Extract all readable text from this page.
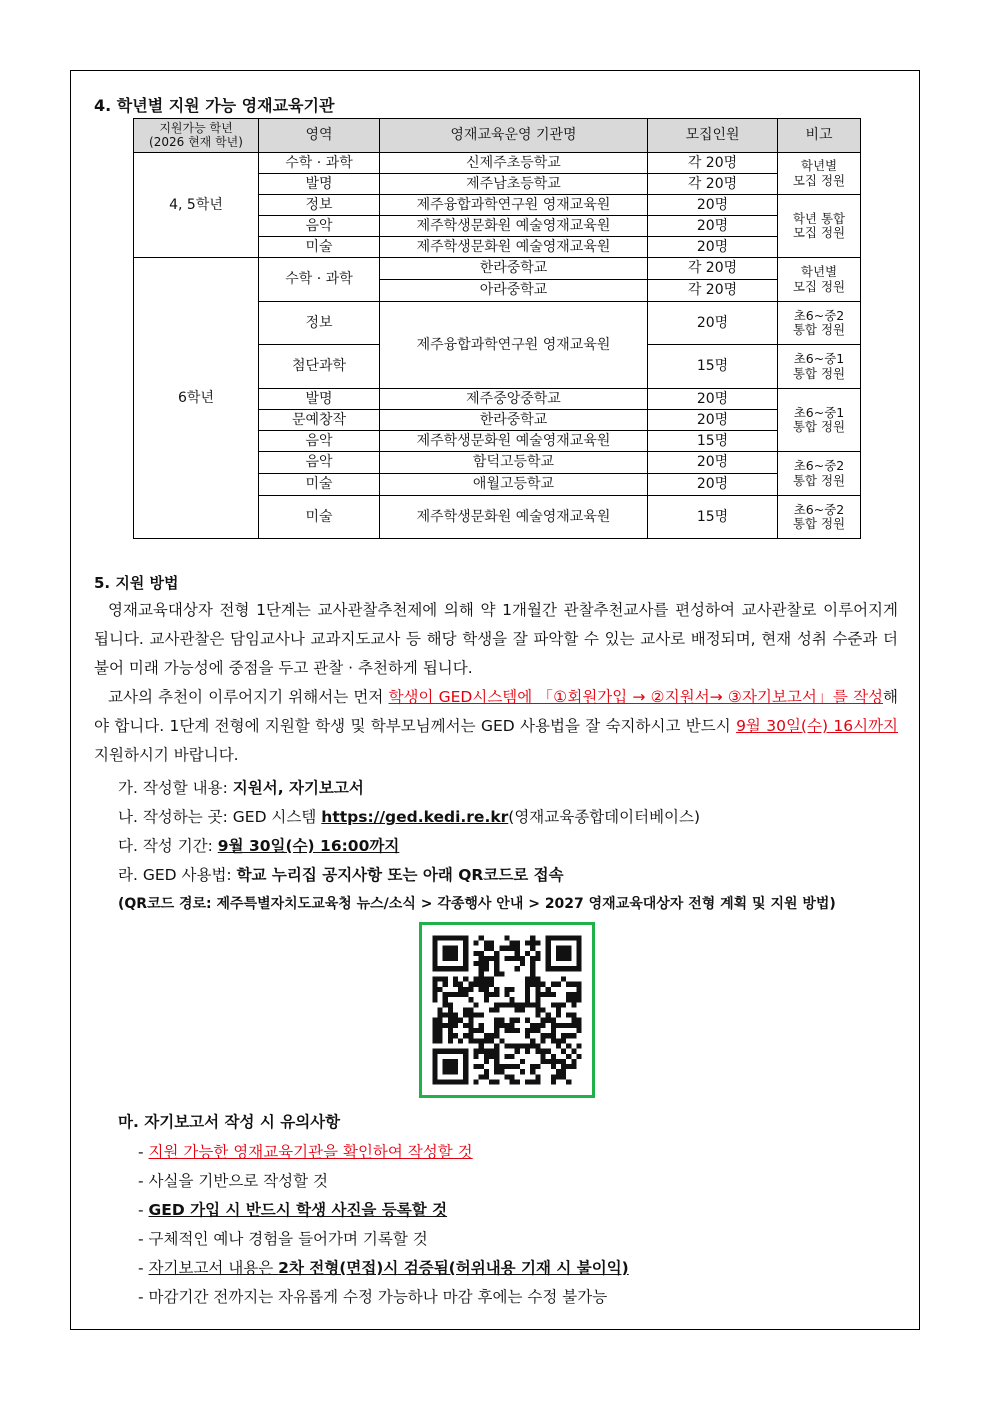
4. 학년별 지원 가능 영재교육기관
지원가능 학년
(2026 현재 학년)	영역	영재교육운영 기관명	모집인원	비고
4, 5학년	수학 · 과학	신제주초등학교	각 20명	학년별
모집 정원
	발명	제주남초등학교	각 20명	
	정보	제주융합과학연구원 영재교육원	20명	학년 통합
모집 정원
	음악	제주학생문화원 예술영재교육원	20명	
	미술	제주학생문화원 예술영재교육원	20명	
6학년	수학 · 과학	한라중학교	각 20명	학년별
모집 정원
		아라중학교	각 20명	
	정보	제주융합과학연구원 영재교육원	20명	초6~중2
통합 정원
	첨단과학		15명	초6~중1
통합 정원
	발명	제주중앙중학교	20명	초6~중1
통합 정원
	문예창작	한라중학교	20명	
	음악	제주학생문화원 예술영재교육원	15명	
	음악	함덕고등학교	20명	초6~중2
통합 정원
	미술	애월고등학교	20명	
	미술	제주학생문화원 예술영재교육원	15명	초6~중2
통합 정원
5. 지원 방법
영재교육대상자 전형 1단계는 교사관찰추천제에 의해 약 1개월간 관찰추천교사를 편성하여 교사관찰로 이루어지게 됩니다. 교사관찰은 담임교사나 교과지도교사 등 해당 학생을 잘 파악할 수 있는 교사로 배정되며, 현재 성취 수준과 더불어 미래 가능성에 중점을 두고 관찰 · 추천하게 됩니다.
교사의 추천이 이루어지기 위해서는 먼저 학생이 GED시스템에 「①회원가입 → ②지원서→ ③자기보고서」를 작성해야 합니다. 1단계 전형에 지원할 학생 및 학부모님께서는 GED 사용법을 잘 숙지하시고 반드시 9월 30일(수) 16시까지 지원하시기 바랍니다.
가. 작성할 내용: 지원서, 자기보고서
나. 작성하는 곳: GED 시스템 https://ged.kedi.re.kr(영재교육종합데이터베이스)
다. 작성 기간: 9월 30일(수) 16:00까지
라. GED 사용법: 학교 누리집 공지사항 또는 아래 QR코드로 접속
(QR코드 경로: 제주특별자치도교육청 뉴스/소식 > 각종행사 안내 > 2027 영재교육대상자 전형 계획 및 지원 방법)
마. 자기보고서 작성 시 유의사항
- 지원 가능한 영재교육기관을 확인하여 작성할 것
- 사실을 기반으로 작성할 것
- GED 가입 시 반드시 학생 사진을 등록할 것
- 구체적인 예나 경험을 들어가며 기록할 것
- 자기보고서 내용은 2차 전형(면접)시 검증됨(허위내용 기재 시 불이익)
- 마감기간 전까지는 자유롭게 수정 가능하나 마감 후에는 수정 불가능
